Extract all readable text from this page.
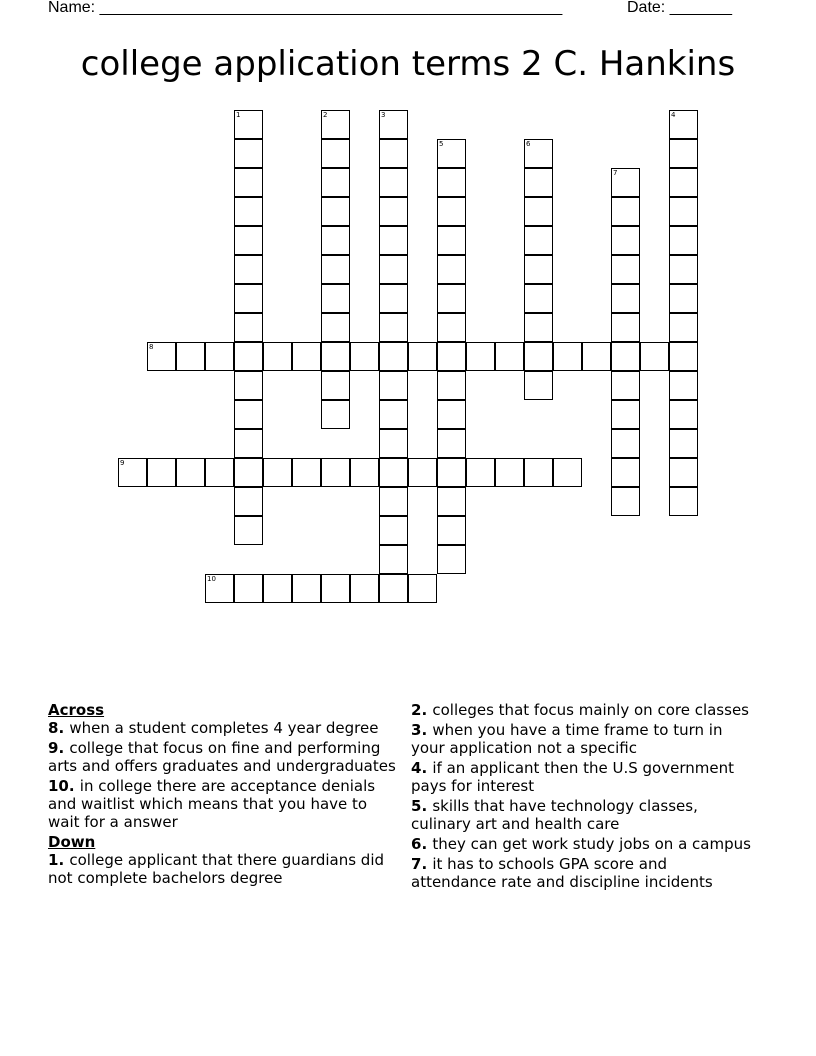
Name: ____________________________________________________	Date: _______
college application terms 2 C. Hankins
8
9
10
1	2	3	4
5	6
7
Across
8. when a student completes 4 year degree
9. college that focus on fine and performing arts and offers graduates and undergraduates
10. in college there are acceptance denials and waitlist which means that you have to wait for a answer
Down
1. college applicant that there guardians did not complete bachelors degree
2. colleges that focus mainly on core classes
3. when you have a time frame to turn in your application not a specific
4. if an applicant then the U.S government pays for interest
5. skills that have technology classes, culinary art and health care
6. they can get work study jobs on a campus
7. it has to schools GPA score and attendance rate and discipline incidents
